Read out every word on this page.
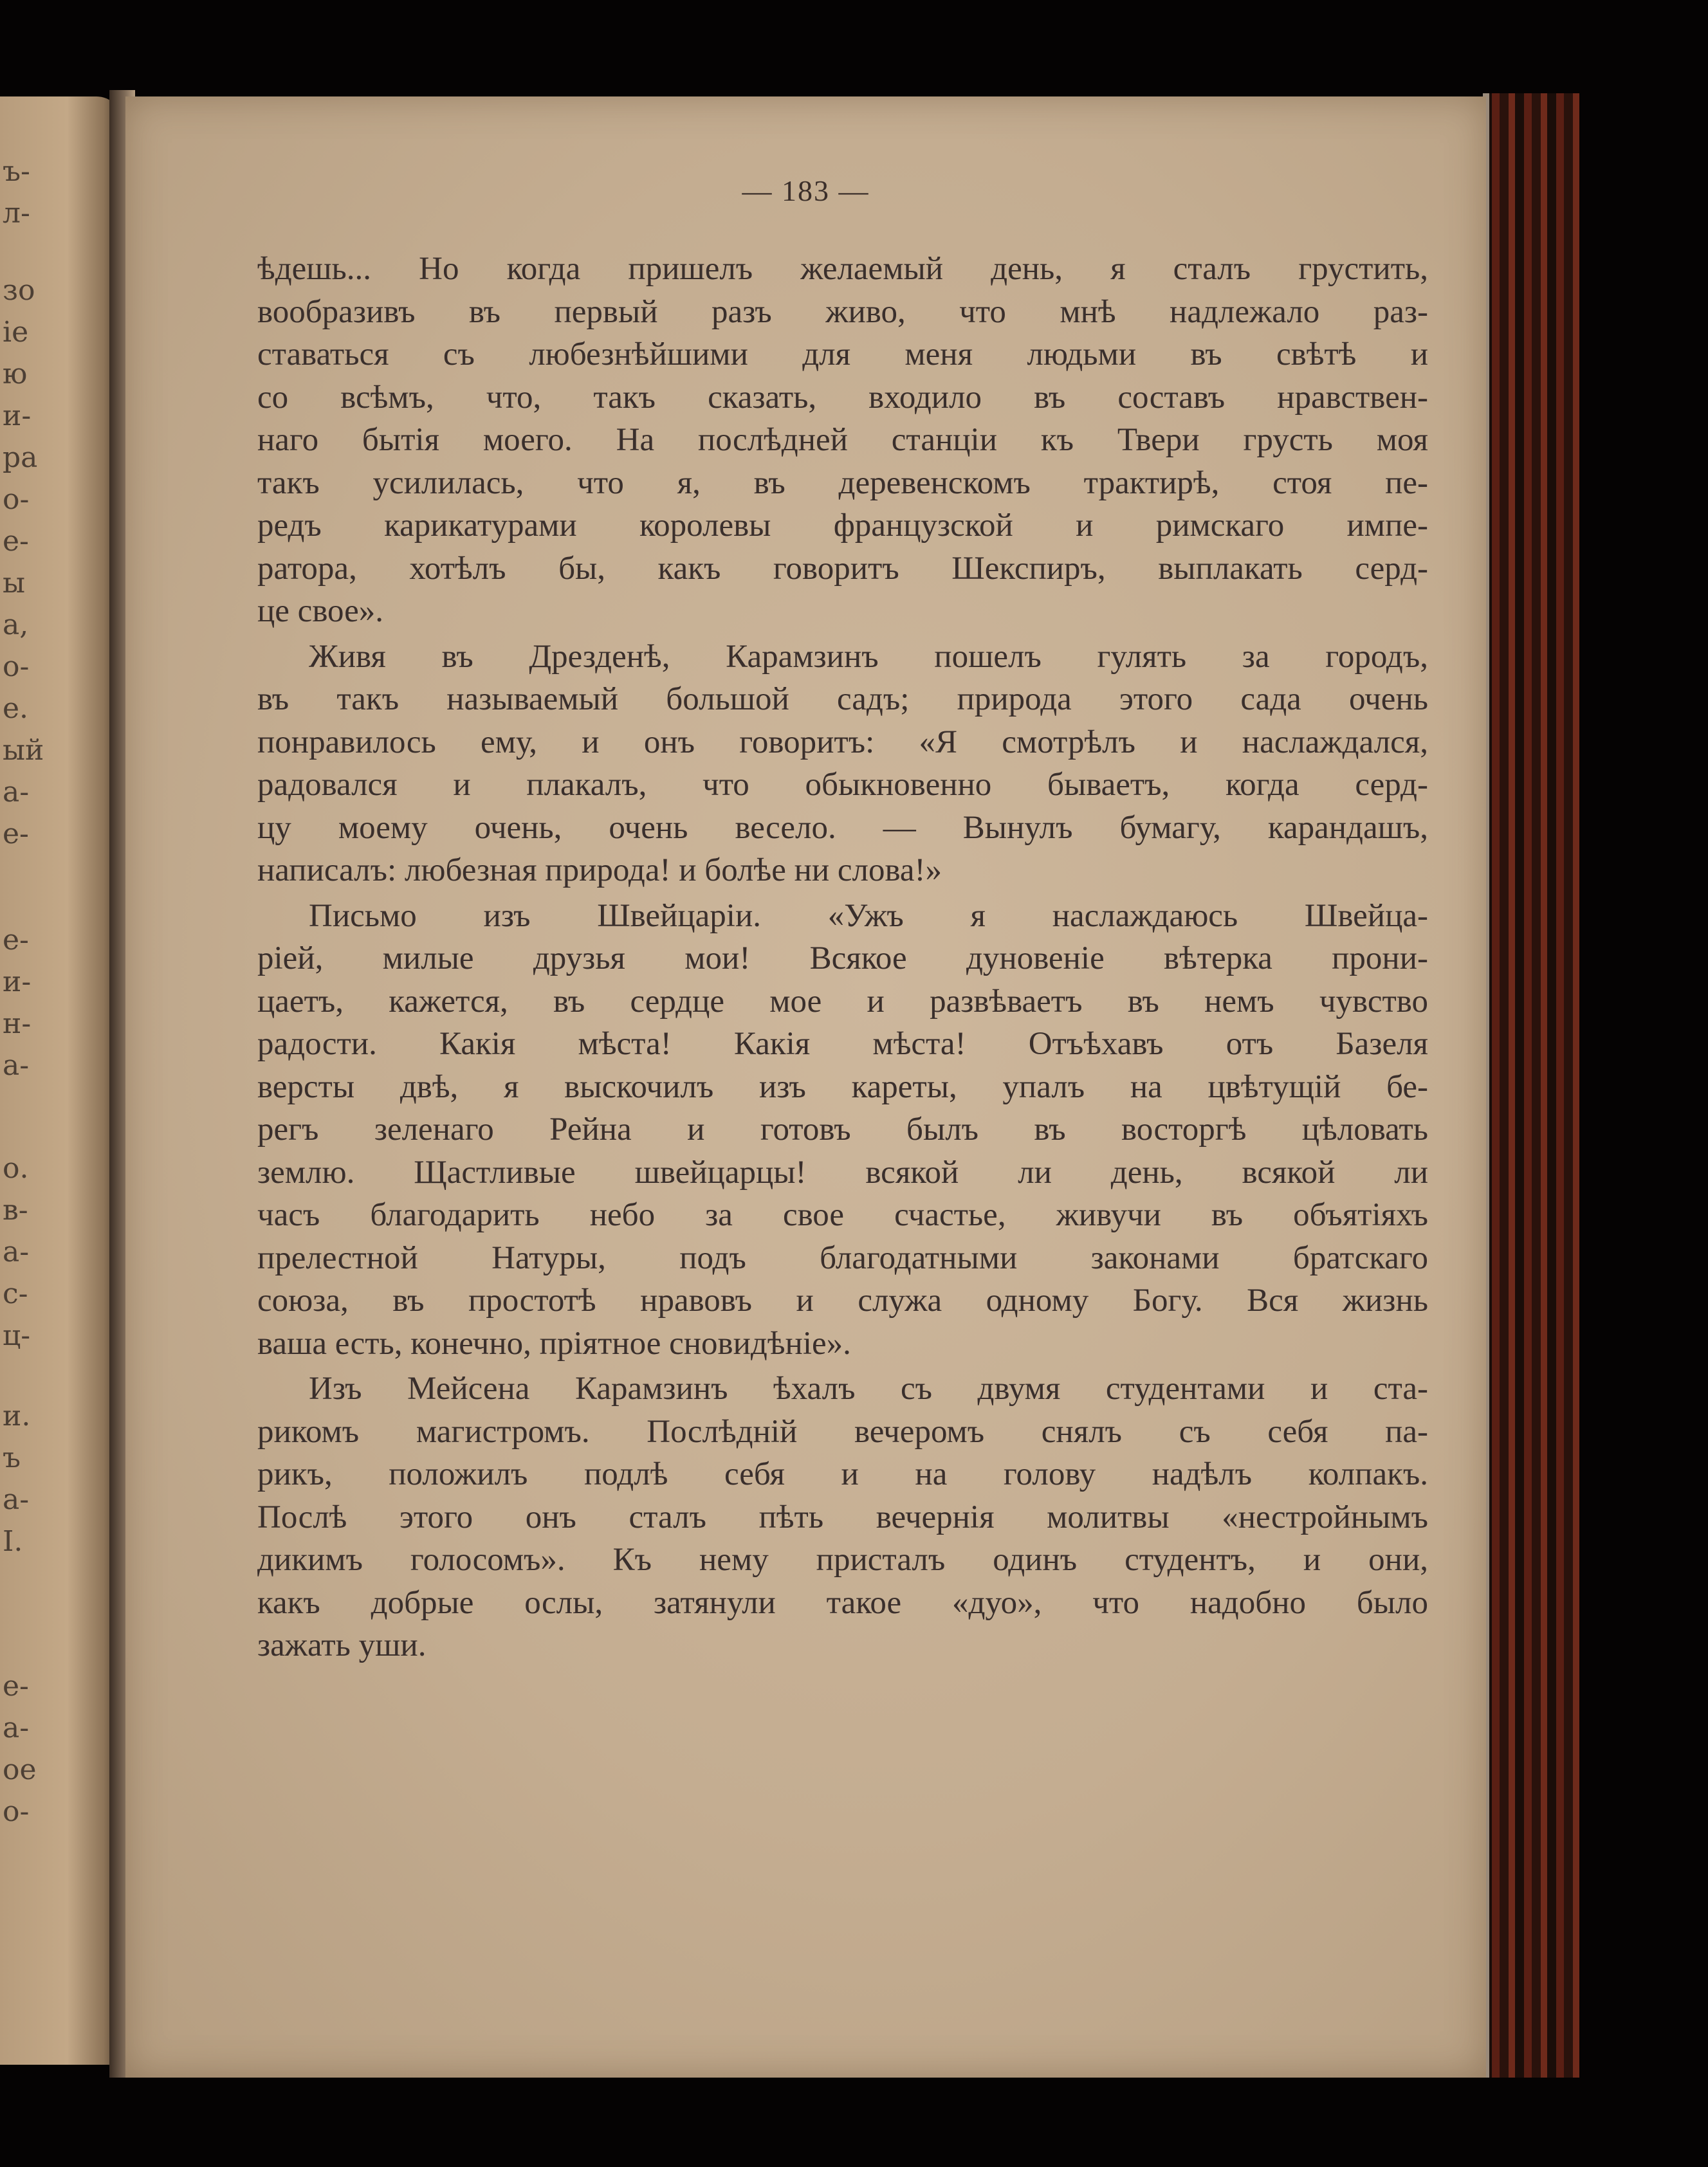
ъ-
л-
зо
ie
ю
и-
ра
о-
е-
ы
а,
о-
е.
ый
а-
е-
е-
и-
н-
а-
о.
в-
а-
с-
ц-
и.
ъ
а-
I.
е-
а-
ое
о-
— 183 —
ѣдешь... Но когда пришелъ желаемый день, я сталъ грустить,
вообразивъ въ первый разъ живо, что мнѣ надлежало раз-
ставаться съ любезнѣйшими для меня людьми въ свѣтѣ и
со всѣмъ, что, такъ сказать, входило въ составъ нравствен-
наго бытія моего. На послѣдней станціи къ Твери грусть моя
такъ усилилась, что я, въ деревенскомъ трактирѣ, стоя пе-
редъ карикатурами королевы французской и римскаго импе-
ратора, хотѣлъ бы, какъ говоритъ Шекспиръ, выплакать серд-
це свое».
Живя въ Дрезденѣ, Карамзинъ пошелъ гулять за городъ,
въ такъ называемый большой садъ; природа этого сада очень
понравилось ему, и онъ говоритъ: «Я смотрѣлъ и наслаждался,
радовался и плакалъ, что обыкновенно бываетъ, когда серд-
цу моему очень, очень весело. — Вынулъ бумагу, карандашъ,
написалъ: любезная природа! и болѣе ни слова!»
Письмо изъ Швейцаріи. «Ужъ я наслаждаюсь Швейца-
ріей, милые друзья мои! Всякое дуновеніе вѣтерка прони-
цаетъ, кажется, въ сердце мое и развѣваетъ въ немъ чувство
радости. Какія мѣста! Какія мѣста! Отъѣхавъ отъ Базеля
версты двѣ, я выскочилъ изъ кареты, упалъ на цвѣтущій бе-
регъ зеленаго Рейна и готовъ былъ въ восторгѣ цѣловать
землю. Щастливые швейцарцы! всякой ли день, всякой ли
часъ благодарить небо за свое счастье, живучи въ объятіяхъ
прелестной Натуры, подъ благодатными законами братскаго
союза, въ простотѣ нравовъ и служа одному Богу. Вся жизнь
ваша есть, конечно, пріятное сновидѣніе».
Изъ Мейсена Карамзинъ ѣхалъ съ двумя студентами и ста-
рикомъ магистромъ. Послѣдній вечеромъ снялъ съ себя па-
рикъ, положилъ подлѣ себя и на голову надѣлъ колпакъ.
Послѣ этого онъ сталъ пѣть вечернія молитвы «нестройнымъ
дикимъ голосомъ». Къ нему присталъ одинъ студентъ, и они,
какъ добрые ослы, затянули такое «дуо», что надобно было
зажать уши.
